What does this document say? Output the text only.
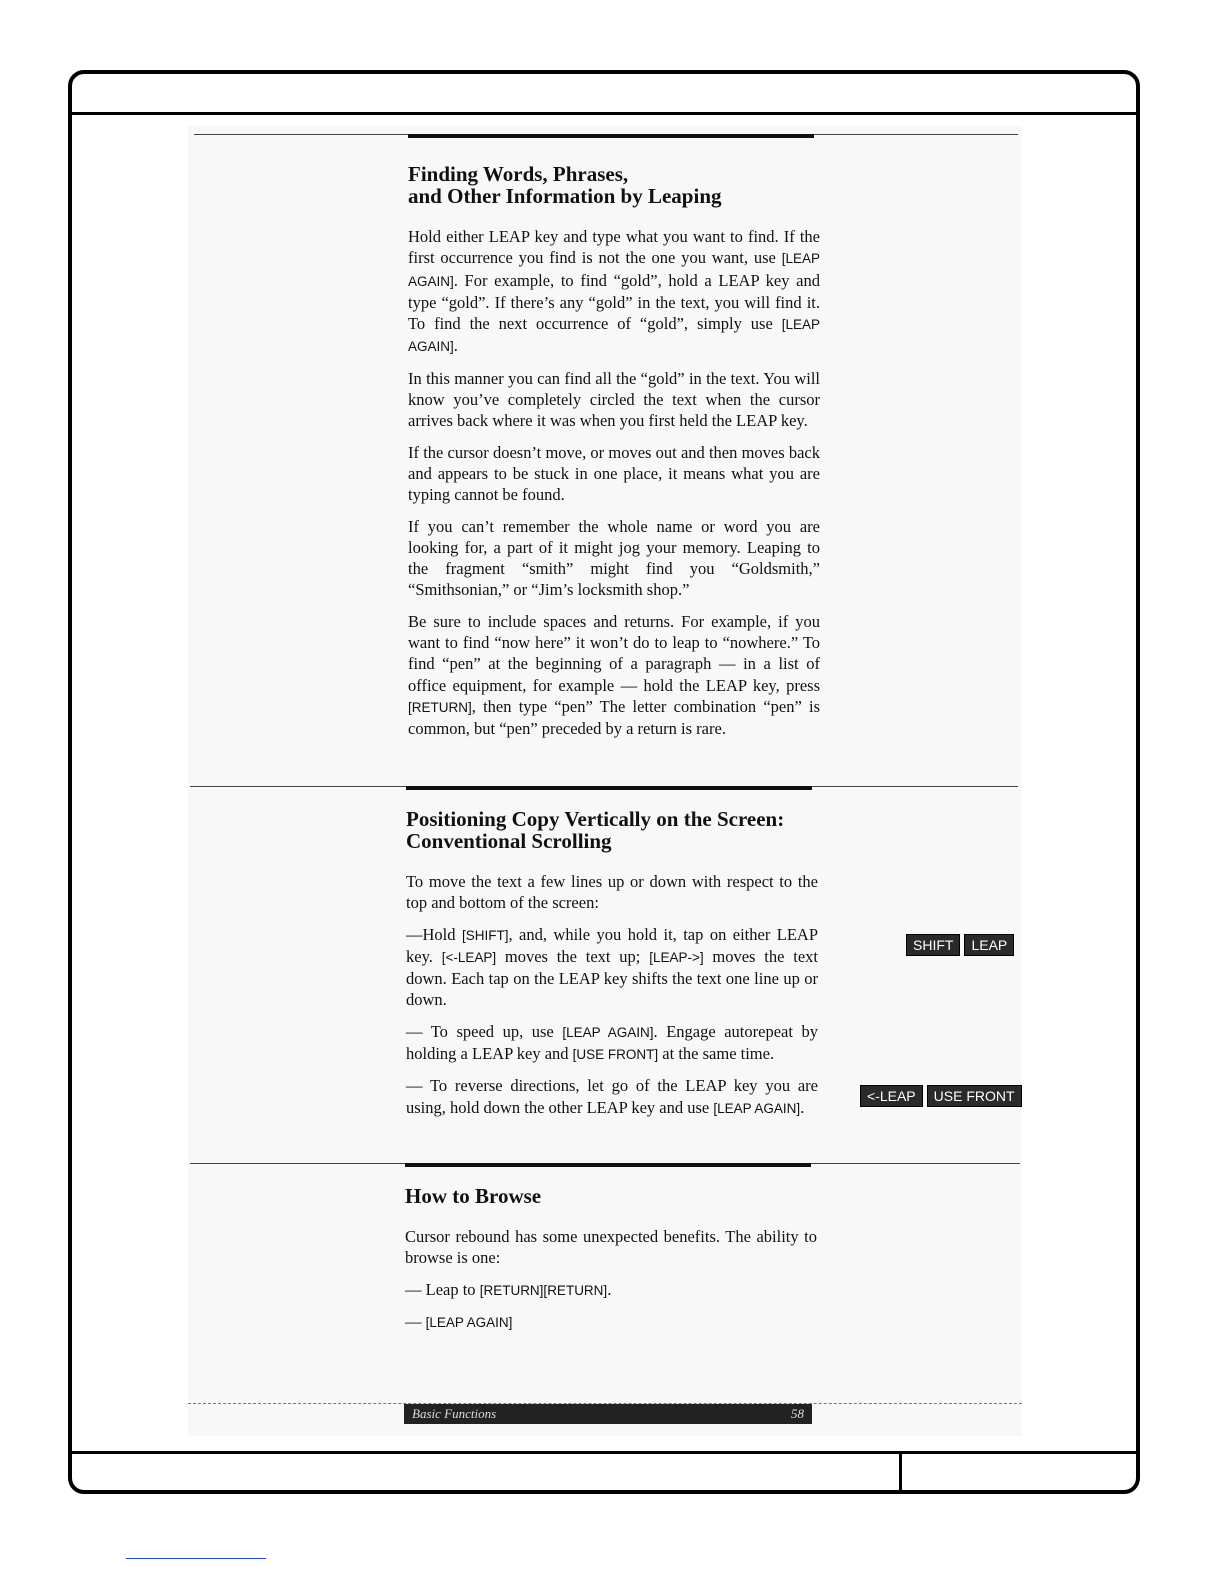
Finding Words, Phrases,
and Other Information by Leaping

Hold either LEAP key and type what you want to find. If the first occurrence you find is not the one you want, use [LEAP AGAIN]. For example, to find “gold”, hold a LEAP key and type “gold”. If there’s any “gold” in the text, you will find it. To find the next occurrence of “gold”, simply use [LEAP AGAIN].

In this manner you can find all the “gold” in the text. You will know you’ve completely circled the text when the cursor arrives back where it was when you first held the LEAP key.

If the cursor doesn’t move, or moves out and then moves back and appears to be stuck in one place, it means what you are typing cannot be found.

If you can’t remember the whole name or word you are looking for, a part of it might jog your memory. Leaping to the fragment “smith” might find you “Goldsmith,” “Smithsonian,” or “Jim’s locksmith shop.”

Be sure to include spaces and returns. For example, if you want to find “now here” it won’t do to leap to “nowhere.” To find “pen” at the beginning of a paragraph — in a list of office equipment, for example — hold the LEAP key, press [RETURN], then type “pen” The letter combination “pen” is common, but “pen” preceded by a return is rare.

Positioning Copy Vertically on the Screen:
Conventional Scrolling

To move the text a few lines up or down with respect to the top and bottom of the screen:

—Hold [SHIFT], and, while you hold it, tap on either LEAP key. [<-LEAP] moves the text up; [LEAP->] moves the text down. Each tap on the LEAP key shifts the text one line up or down.

— To speed up, use [LEAP AGAIN]. Engage autorepeat by holding a LEAP key and [USE FRONT] at the same time.

— To reverse directions, let go of the LEAP key you are using, hold down the other LEAP key and use [LEAP AGAIN].

How to Browse

Cursor rebound has some unexpected benefits. The ability to browse is one:

— Leap to [RETURN][RETURN].

— [LEAP AGAIN]

SHIFT	LEAP
<-LEAP	USE FRONT
Basic Functions	58
